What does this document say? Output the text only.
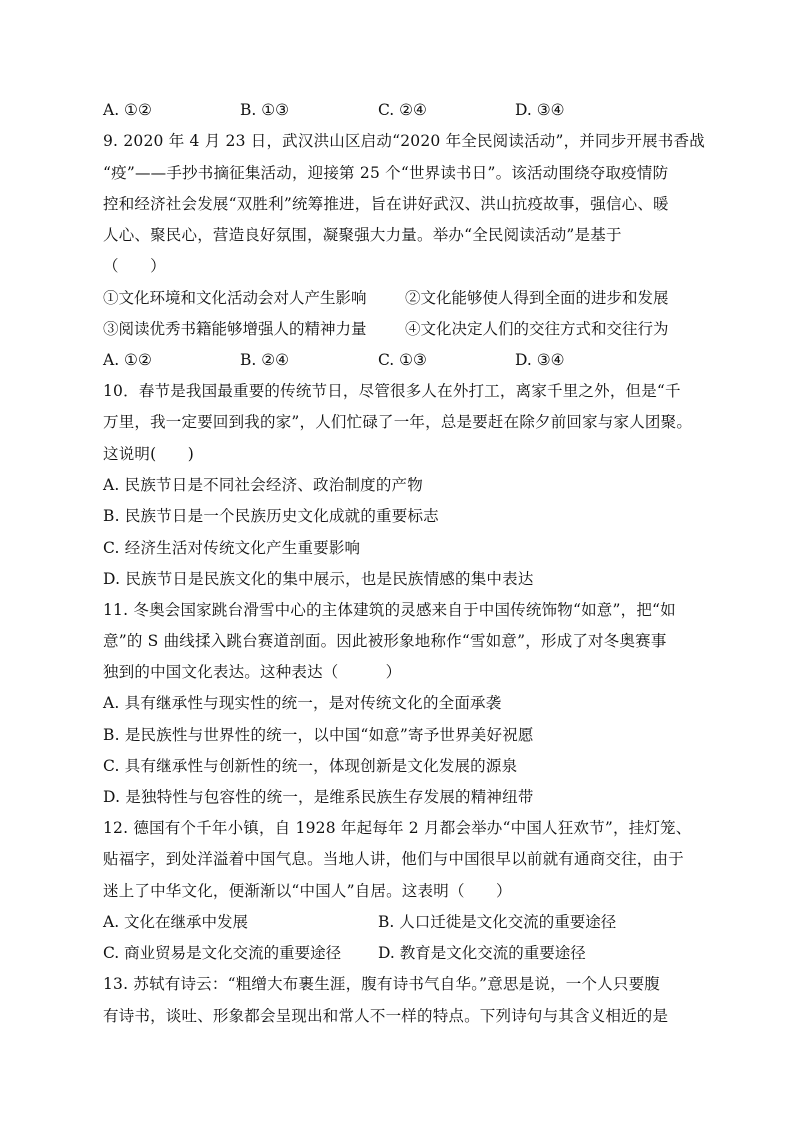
A. ①②	B. ①③	C. ②④	D. ③④
9. 2020 年 4 月 23 日，武汉洪山区启动“2020 年全民阅读活动”，并同步开展书香战
“疫”——手抄书摘征集活动，迎接第 25 个“世界读书日”。该活动围绕夺取疫情防
控和经济社会发展“双胜利”统筹推进，旨在讲好武汉、洪山抗疫故事，强信心、暖
人心、聚民心，营造良好氛围，凝聚强大力量。举办“全民阅读活动”是基于
（　　）
①文化环境和文化活动会对人产生影响 ②文化能够使人得到全面的进步和发展
③阅读优秀书籍能够增强人的精神力量 ④文化决定人们的交往方式和交往行为
A. ①②	B. ②④	C. ①③	D. ③④
10．春节是我国最重要的传统节日，尽管很多人在外打工，离家千里之外，但是“千
万里，我一定要回到我的家”，人们忙碌了一年，总是要赶在除夕前回家与家人团聚。
这说明(　　)
A. 民族节日是不同社会经济、政治制度的产物
B. 民族节日是一个民族历史文化成就的重要标志
C. 经济生活对传统文化产生重要影响
D. 民族节日是民族文化的集中展示，也是民族情感的集中表达
11. 冬奥会国家跳台滑雪中心的主体建筑的灵感来自于中国传统饰物“如意”，把“如
意”的 S 曲线揉入跳台赛道剖面。因此被形象地称作“雪如意”，形成了对冬奥赛事
独到的中国文化表达。这种表达（　　　）
A. 具有继承性与现实性的统一，是对传统文化的全面承袭
B. 是民族性与世界性的统一，以中国“如意”寄予世界美好祝愿
C. 具有继承性与创新性的统一，体现创新是文化发展的源泉
D. 是独特性与包容性的统一，是维系民族生存发展的精神纽带
12. 德国有个千年小镇，自 1928 年起每年 2 月都会举办“中国人狂欢节”，挂灯笼、
贴福字，到处洋溢着中国气息。当地人讲，他们与中国很早以前就有通商交往，由于
迷上了中华文化，便渐渐以“中国人”自居。这表明（　　）
A. 文化在继承中发展	B. 人口迁徙是文化交流的重要途径
C. 商业贸易是文化交流的重要途径 D. 教育是文化交流的重要途径
13. 苏轼有诗云：“粗缯大布裹生涯，腹有诗书气自华。”意思是说，一个人只要腹
有诗书，谈吐、形象都会呈现出和常人不一样的特点。下列诗句与其含义相近的是
